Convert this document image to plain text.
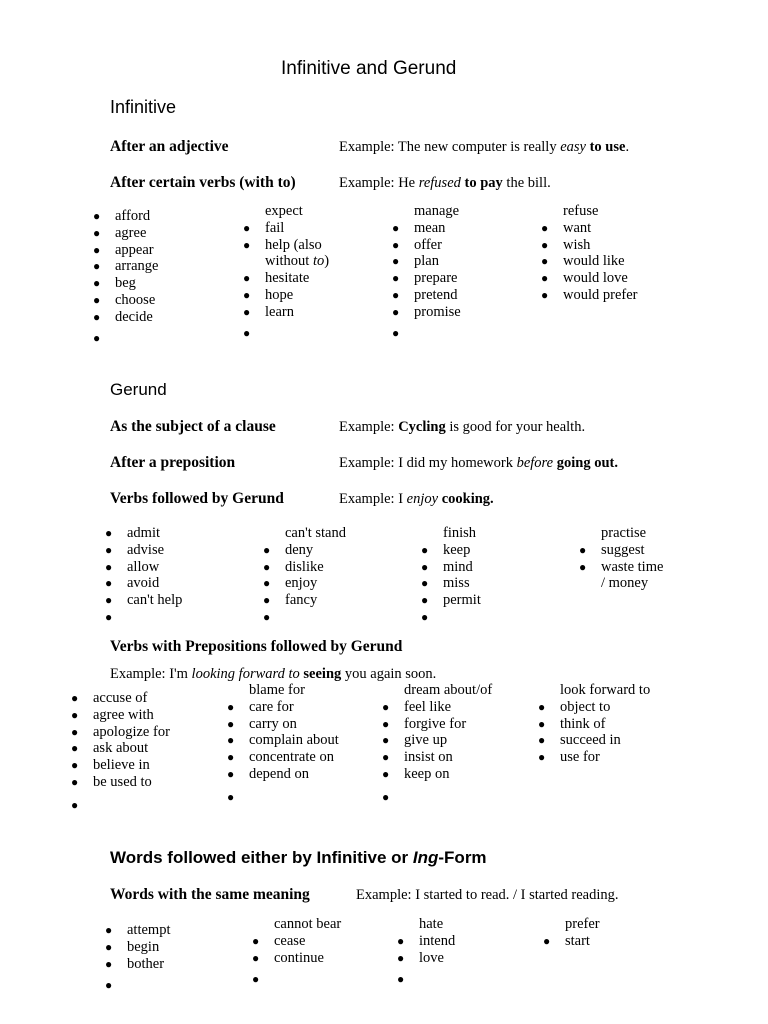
Infinitive and Gerund
Infinitive
After an adjective	Example: The new computer is really easy to use.
After certain verbs (with to)	Example: He refused to pay the bill.
● afford
● agree
● appear
● arrange
● beg
● choose
● decide
●
expect
● fail
● help (also
without to)
● hesitate
● hope
● learn
●
manage
● mean
● offer
● plan
● prepare
● pretend
● promise
●
refuse
● want
● wish
● would like
● would love
● would prefer
Gerund
As the subject of a clause	Example: Cycling is good for your health.
After a preposition	Example: I did my homework before going out.
Verbs followed by Gerund	Example: I enjoy cooking.
● admit
● advise
● allow
● avoid
● can't help
●
can't stand
● deny
● dislike
● enjoy
● fancy
●
finish
● keep
● mind
● miss
● permit
●
practise
● suggest
● waste time
/ money
Verbs with Prepositions followed by Gerund
Example: I'm looking forward to seeing you again soon.
● accuse of
● agree with
● apologize for
● ask about
● believe in
● be used to
●
blame for
● care for
● carry on
● complain about
● concentrate on
● depend on
●
dream about/of
● feel like
● forgive for
● give up
● insist on
● keep on
●
look forward to
● object to
● think of
● succeed in
● use for
Words followed either by Infinitive or Ing-Form
Words with the same meaning	Example: I started to read. / I started reading.
● attempt
● begin
● bother
●
cannot bear
● cease
● continue
●
hate
● intend
● love
●
prefer
● start
